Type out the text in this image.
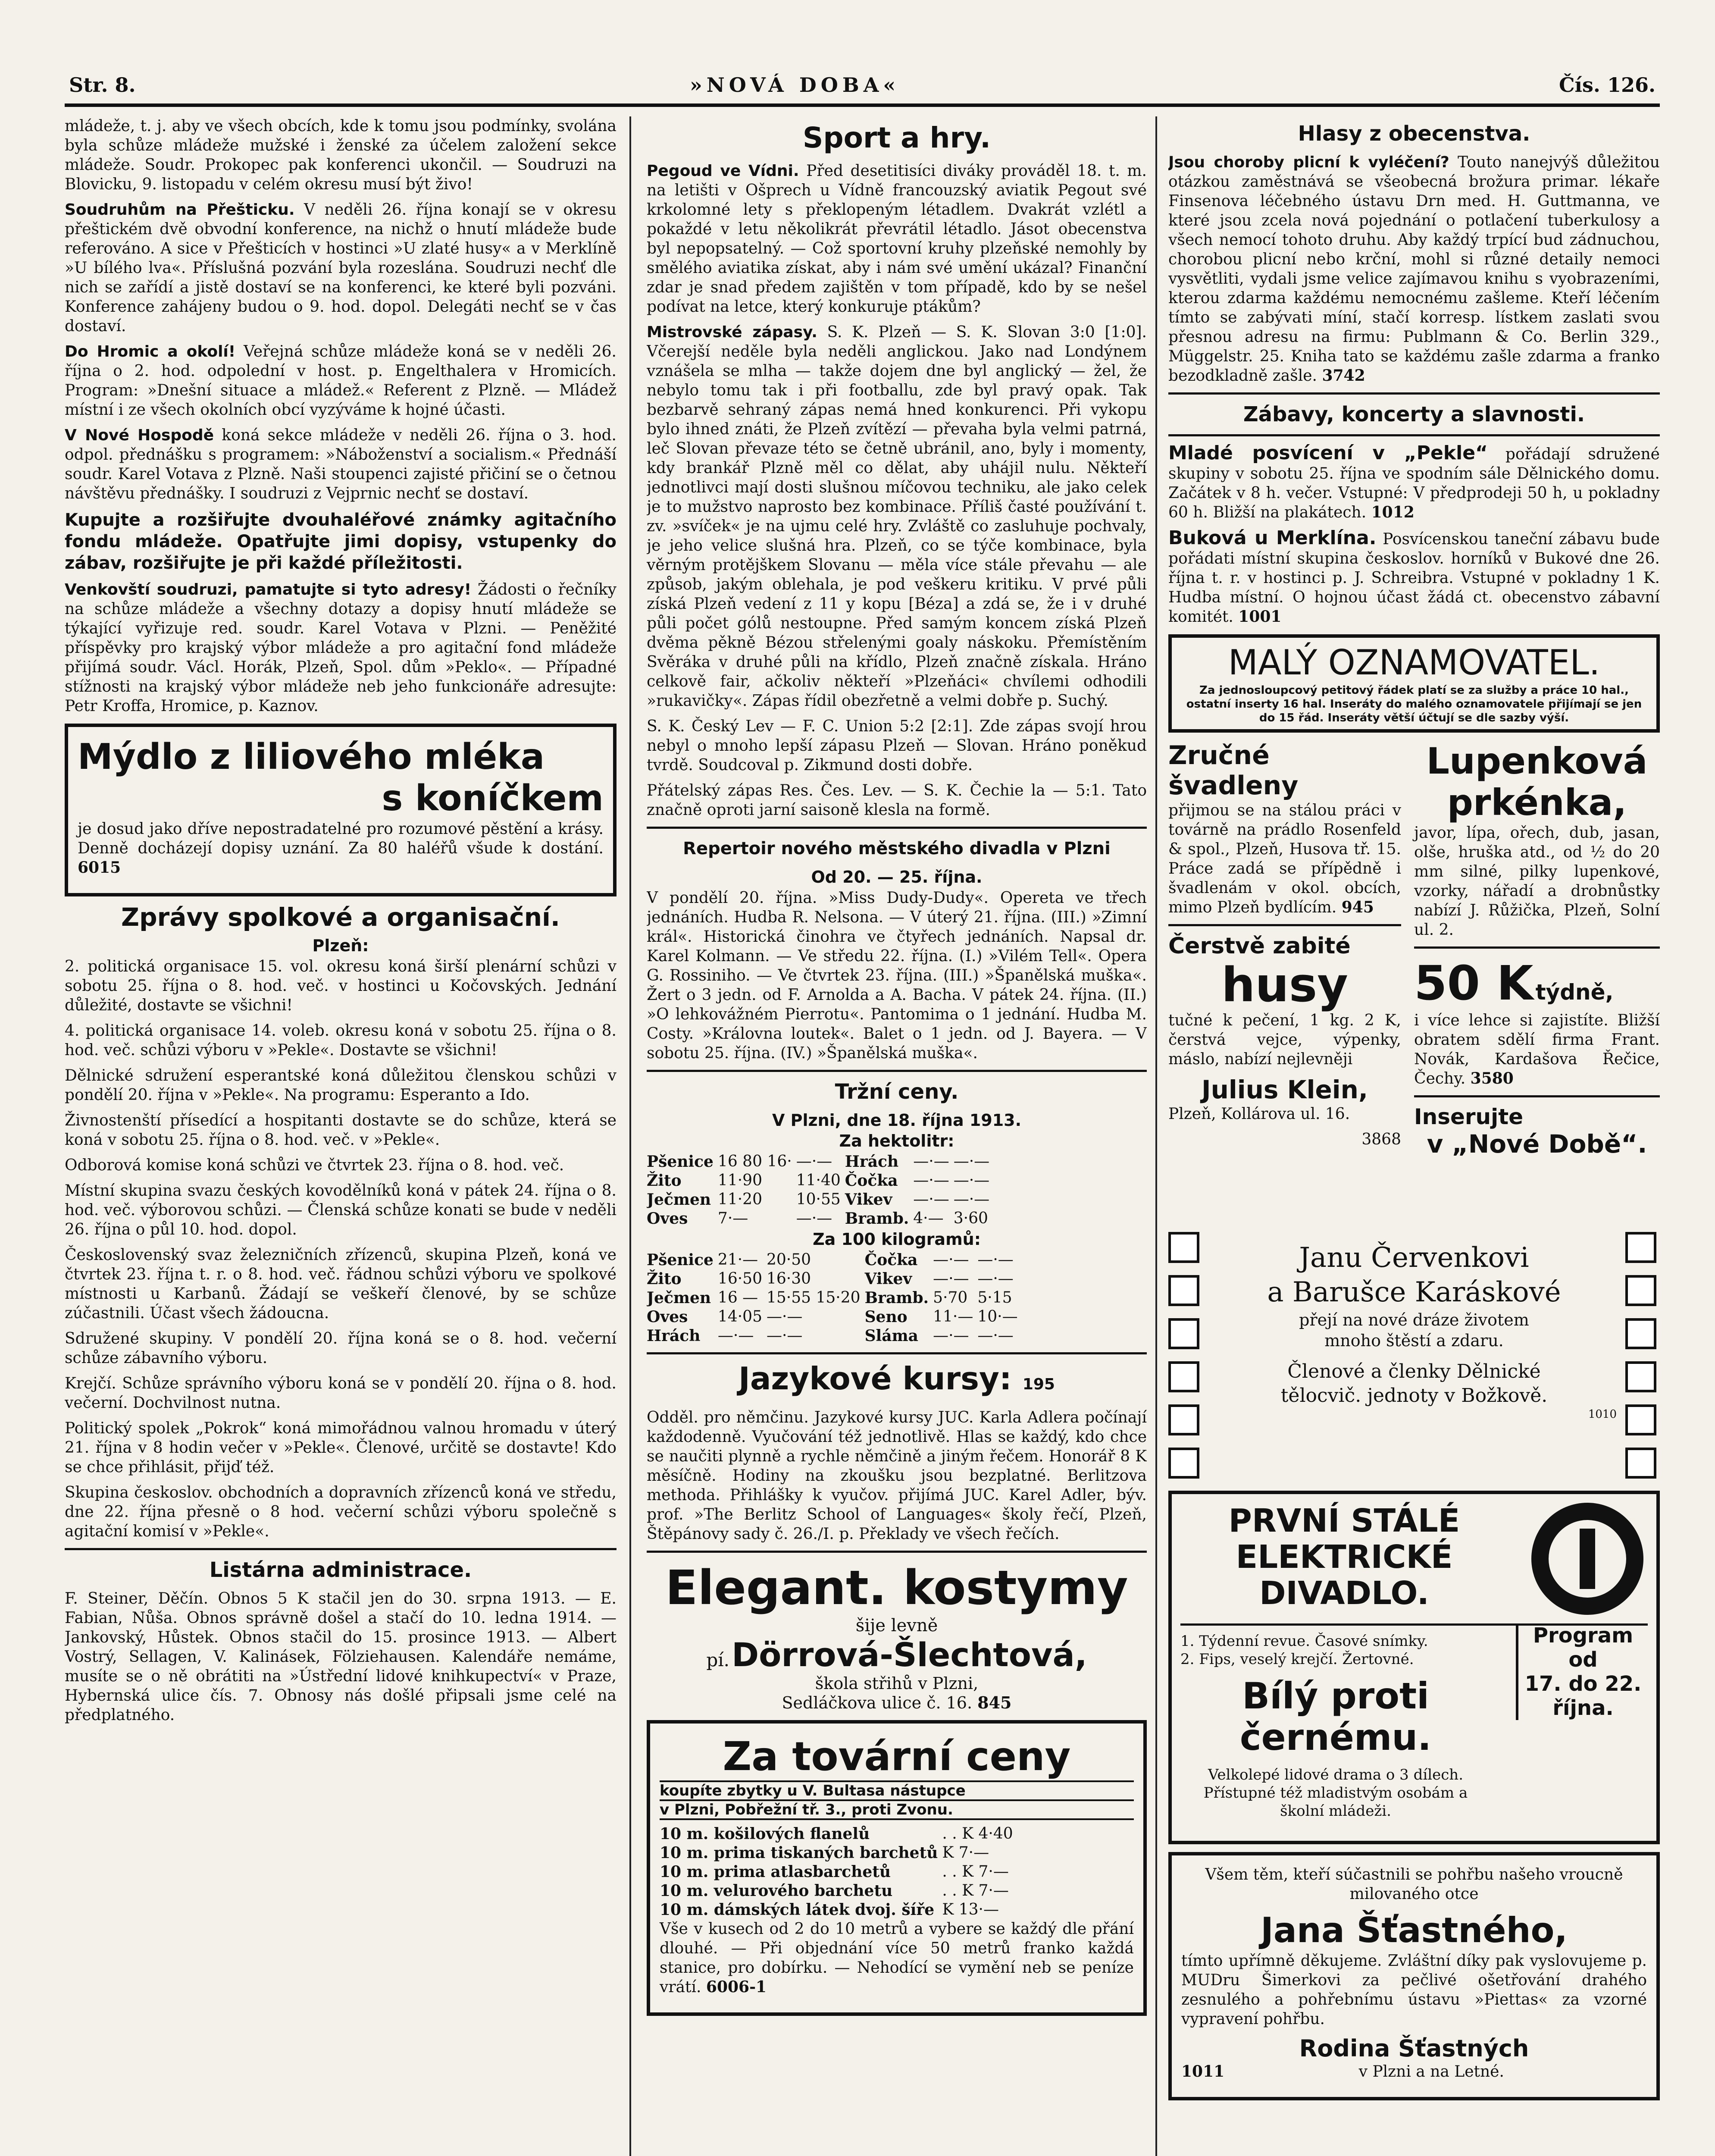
Str. 8.	»NOVÁ DOBA«	Čís. 126.

mládeže, t. j. aby ve všech obcích, kde k tomu jsou podmínky, svolána byla schůze mládeže mužské i ženské za účelem založení sekce mládeže. Soudr. Prokopec pak konferenci ukončil. — Soudruzi na Blovicku, 9. listopadu v celém okresu musí být živo!

Soudruhům na Přešticku. V neděli 26. října konají se v okresu přeštickém dvě obvodní konference, na nichž o hnutí mládeže bude referováno. A sice v Přešticích v hostinci »U zlaté husy« a v Merklíně »U bílého lva«. Příslušná pozvání byla rozeslána. Soudruzi nechť dle nich se zařídí a jistě dostaví se na konferenci, ke které byli pozváni. Konference zahájeny budou o 9. hod. dopol. Delegáti nechť se v čas dostaví.

Do Hromic a okolí! Veřejná schůze mládeže koná se v neděli 26. října o 2. hod. odpolední v host. p. Engelthalera v Hromicích. Program: »Dnešní situace a mládež.« Referent z Plzně. — Mládež místní i ze všech okolních obcí vyzýváme k hojné účasti.

V Nové Hospodě koná sekce mládeže v neděli 26. října o 3. hod. odpol. přednášku s programem: »Náboženství a socialism.« Přednáší soudr. Karel Votava z Plzně. Naši stoupenci zajisté přičiní se o četnou návštěvu přednášky. I soudruzi z Vejprnic nechť se dostaví.

Kupujte a rozšiřujte dvouhaléřové známky agitačního fondu mládeže. Opatřujte jimi dopisy, vstupenky do zábav, rozšiřujte je při každé příležitosti.

Venkovští soudruzi, pamatujte si tyto adresy! Žádosti o řečníky na schůze mládeže a všechny dotazy a dopisy hnutí mládeže se týkající vyřizuje red. soudr. Karel Votava v Plzni. — Peněžité příspěvky pro krajský výbor mládeže a pro agitační fond mládeže přijímá soudr. Václ. Horák, Plzeň, Spol. dům »Peklo«. — Případné stížnosti na krajský výbor mládeže neb jeho funkcionáře adresujte: Petr Kroffa, Hromice, p. Kaznov.

Mýdlo z liliového mléka
s koníčkem

je dosud jako dříve nepostradatelné pro rozumové pěstění a krásy. Denně docházejí dopisy uznání. Za 80 haléřů všude k dostání. 6015

Zprávy spolkové a organisační.
Plzeň:

2. politická organisace 15. vol. okresu koná širší plenární schůzi v sobotu 25. října o 8. hod. več. v hostinci u Kočovských. Jednání důležité, dostavte se všichni!

4. politická organisace 14. voleb. okresu koná v sobotu 25. října o 8. hod. več. schůzi výboru v »Pekle«. Dostavte se všichni!

Dělnické sdružení esperantské koná důležitou členskou schůzi v pondělí 20. října v »Pekle«. Na programu: Esperanto a Ido.

Živnostenští přísedící a hospitanti dostavte se do schůze, která se koná v sobotu 25. října o 8. hod. več. v »Pekle«.

Odborová komise koná schůzi ve čtvrtek 23. října o 8. hod. več.

Místní skupina svazu českých kovodělníků koná v pátek 24. října o 8. hod. več. výborovou schůzi. — Členská schůze konati se bude v neděli 26. října o půl 10. hod. dopol.

Československý svaz železničních zřízenců, skupina Plzeň, koná ve čtvrtek 23. října t. r. o 8. hod. več. řádnou schůzi výboru ve spolkové místnosti u Karbanů. Žádají se veškeří členové, by se schůze zúčastnili. Účast všech žádoucna.

Sdružené skupiny. V pondělí 20. října koná se o 8. hod. večerní schůze zábavního výboru.

Krejčí. Schůze správního výboru koná se v pondělí 20. října o 8. hod. večerní. Dochvilnost nutna.

Politický spolek „Pokrok“ koná mimořádnou valnou hromadu v úterý 21. října v 8 hodin večer v »Pekle«. Členové, určitě se dostavte! Kdo se chce přihlásit, přijď též.

Skupina českoslov. obchodních a dopravních zřízenců koná ve středu, dne 22. října přesně o 8 hod. večerní schůzi výboru společně s agitační komisí v »Pekle«.

Listárna administrace.

F. Steiner, Děčín. Obnos 5 K stačil jen do 30. srpna 1913. — E. Fabian, Nůša. Obnos správně došel a stačí do 10. ledna 1914. — Jankovský, Hůstek. Obnos stačil do 15. prosince 1913. — Albert Vostrý, Sellagen, V. Kalinásek, Fölziehausen. Kalendáře nemáme, musíte se o ně obrátiti na »Ústřední lidové knihkupectví« v Praze, Hybernská ulice čís. 7. Obnosy nás došlé připsali jsme celé na předplatného.

Sport a hry.

Pegoud ve Vídni. Před desetitisíci diváky prováděl 18. t. m. na letišti v Ošprech u Vídně francouzský aviatik Pegout své krkolomné lety s překlopeným létadlem. Dvakrát vzlétl a pokaždé v letu několikrát převrátil létadlo. Jásot obecenstva byl nepopsatelný. — Což sportovní kruhy plzeňské nemohly by smělého aviatika získat, aby i nám své umění ukázal? Finanční zdar je snad předem zajištěn v tom případě, kdo by se nešel podívat na letce, který konkuruje ptákům?

Mistrovské zápasy. S. K. Plzeň — S. K. Slovan 3:0 [1:0]. Včerejší neděle byla neděli anglickou. Jako nad Londýnem vznášela se mlha — takže dojem dne byl anglický — žel, že nebylo tomu tak i při footballu, zde byl pravý opak. Tak bezbarvě sehraný zápas nemá hned konkurenci. Při vykopu bylo ihned znáti, že Plzeň zvítězí — převaha byla velmi patrná, leč Slovan převaze této se četně ubránil, ano, byly i momenty, kdy brankář Plzně měl co dělat, aby uhájil nulu. Někteří jednotlivci mají dosti slušnou míčovou techniku, ale jako celek je to mužstvo naprosto bez kombinace. Příliš časté používání t. zv. »svíček« je na ujmu celé hry. Zvláště co zasluhuje pochvaly, je jeho velice slušná hra. Plzeň, co se týče kombinace, byla věrným protějškem Slovanu — měla více stále převahu — ale způsob, jakým oblehala, je pod veškeru kritiku. V prvé půli získá Plzeň vedení z 11 y kopu [Béza] a zdá se, že i v druhé půli počet gólů nestoupne. Před samým koncem získá Plzeň dvěma pěkně Bézou střelenými goaly náskoku. Přemístěním Svěráka v druhé půli na křídlo, Plzeň značně získala. Hráno celkově fair, ačkoliv někteří »Plzeňáci« chvílemi odhodili »rukavičky«. Zápas řídil obezřetně a velmi dobře p. Suchý.

S. K. Český Lev — F. C. Union 5:2 [2:1]. Zde zápas svojí hrou nebyl o mnoho lepší zápasu Plzeň — Slovan. Hráno poněkud tvrdě. Soudcoval p. Zikmund dosti dobře.

Přátelský zápas Res. Čes. Lev. — S. K. Čechie la — 5:1. Tato značně oproti jarní saisoně klesla na formě.

Repertoir nového městského divadla v Plzni
Od 20. — 25. října.

V pondělí 20. října. »Miss Dudy-Dudy«. Opereta ve třech jednáních. Hudba R. Nelsona. — V úterý 21. října. (III.) »Zimní král«. Historická činohra ve čtyřech jednáních. Napsal dr. Karel Kolmann. — Ve středu 22. října. (I.) »Vilém Tell«. Opera G. Rossiniho. — Ve čtvrtek 23. října. (III.) »Španělská muška«. Žert o 3 jedn. od F. Arnolda a A. Bacha. V pátek 24. října. (II.) »O lehkovážném Pierrotu«. Pantomima o 1 jednání. Hudba M. Costy. »Královna loutek«. Balet o 1 jedn. od J. Bayera. — V sobotu 25. října. (IV.) »Španělská muška«.

Tržní ceny.
V Plzni, dne 18. října 1913.
Za hektolitr:
Pšenice	16 80 16·	—·—	Hrách	—·—	—·—
Žito	11·90	11·40	Čočka	—·—	—·—
Ječmen	11·20	10·55	Vikev	—·—	—·—
Oves	7·—	—·—	Bramb.	4·—	3·60
Za 100 kilogramů:
Pšenice	21·—	20·50	Čočka	—·—	—·—
Žito	16·50	16·30	Vikev	—·—	—·—
Ječmen	16 —	15·55 15·20	Bramb.	5·70	5·15
Oves	14·05	—·—	Seno	11·—	10·—
Hrách	—·—	—·—	Sláma	—·—	—·—
Jazykové kursy: 195

Odděl. pro němčinu. Jazykové kursy JUC. Karla Adlera počínají každodenně. Vyučování též jednotlivě. Hlas se každý, kdo chce se naučiti plynně a rychle němčině a jiným řečem. Honorář 8 K měsíčně. Hodiny na zkoušku jsou bezplatné. Berlitzova methoda. Přihlášky k vyučov. přijímá JUC. Karel Adler, býv. prof. »The Berlitz School of Languages« školy řečí, Plzeň, Štěpánovy sady č. 26./I. p. Překlady ve všech řečích.

Elegant. kostymy
šije levně
pí. Dörrová-Šlechtová,
škola střihů v Plzni,
Sedláčkova ulice č. 16. 845
Za tovární ceny
koupíte zbytky u V. Bultasa nástupce
v Plzni, Pobřežní tř. 3., proti Zvonu.
10 m. košilových flanelů	. . K 4·40
10 m. prima tiskaných barchetů	K 7·—
10 m. prima atlasbarchetů	. . K 7·—
10 m. velurového barchetu	. . K 7·—
10 m. dámských látek dvoj. šíře	K 13·—

Vše v kusech od 2 do 10 metrů a vybere se každý dle přání dlouhé. — Při objednání více 50 metrů franko každá stanice, pro dobírku. — Nehodící se vymění neb se peníze vrátí. 6006-1

Hlasy z obecenstva.

Jsou choroby plicní k vyléčení? Touto nanejvýš důležitou otázkou zaměstnává se všeobecná brožura primar. lékaře Finsenova léčebného ústavu Drn med. H. Guttmanna, ve které jsou zcela nová pojednání o potlačení tuberkulosy a všech nemocí tohoto druhu. Aby každý trpící bud zádnuchou, chorobou plicní nebo krční, mohl si různé detaily nemoci vysvětliti, vydali jsme velice zajímavou knihu s vyobrazeními, kterou zdarma každému nemocnému zašleme. Kteří léčením tímto se zabývati míní, stačí korresp. lístkem zaslati svou přesnou adresu na firmu: Publmann & Co. Berlin 329., Müggelstr. 25. Kniha tato se každému zašle zdarma a franko bezodkladně zašle. 3742

Zábavy, koncerty a slavnosti.

Mladé posvícení v „Pekle“ pořádají sdružené skupiny v sobotu 25. října ve spodním sále Dělnického domu. Začátek v 8 h. večer. Vstupné: V předprodeji 50 h, u pokladny 60 h. Bližší na plakátech. 1012

Buková u Merklína. Posvícenskou taneční zábavu bude pořádati místní skupina českoslov. horníků v Bukové dne 26. října t. r. v hostinci p. J. Schreibra. Vstupné v pokladny 1 K. Hudba místní. O hojnou účast žádá ct. obecenstvo zábavní komitét. 1001

MALÝ OZNAMOVATEL.
Za jednosloupcový petitový řádek platí se za služby a práce 10 hal., ostatní inserty 16 hal. Inseráty do malého oznamovatele přijímají se jen do 15 řád. Inseráty větší účtují se dle sazby výší.
Zručné švadleny

přijmou se na stálou práci v továrně na prádlo Rosenfeld & spol., Plzeň, Husova tř. 15. Práce zadá se přípědně i švadlenám v okol. obcích, mimo Plzeň bydlícím. 945

Čerstvě zabité
husy

tučné k pečení, 1 kg. 2 K, čerstvá vejce, výpenky, máslo, nabízí nejlevněji

Julius Klein,
Plzeň, Kollárova ul. 16.
3868
Lupenková
prkénka,

javor, lípa, ořech, dub, jasan, olše, hruška atd., od ½ do 20 mm silné, pilky lupenkové, vzorky, nářadí a drobnůstky nabízí J. Růžička, Plzeň, Solní ul. 2.

50 K týdně,

i více lehce si zajistíte. Bližší obratem sdělí firma Frant. Novák, Kardašova Řečice, Čechy. 3580

Inserujte
v „Nové Době“.
Janu Červenkovi
a Barušce Karáskové
přejí na nové dráze životem
mnoho štěstí a zdaru.
Členové a členky Dělnické
tělocvič. jednoty v Božkově.
1010
PRVNÍ STÁLÉ ELEKTRICKÉ DIVADLO.
1. Týdenní revue. Časové snímky.
2. Fips, veselý krejčí. Žertovné.
Program
od
17. do 22.
října.
Bílý proti
černému.
Velkolepé lidové drama o 3 dílech. Přístupné též mladistvým osobám a školní mládeži.

Všem těm, kteří súčastnili se pohřbu našeho vroucně milovaného otce

Jana Šťastného,

tímto upřímně děkujeme. Zvláštní díky pak vyslovujeme p. MUDru Šimerkovi za pečlivé ošetřování drahého zesnulého a pohřebnímu ústavu »Piettas« za vzorné vypravení pohřbu.

Rodina Šťastných
1011	v Plzni a na Letné.
